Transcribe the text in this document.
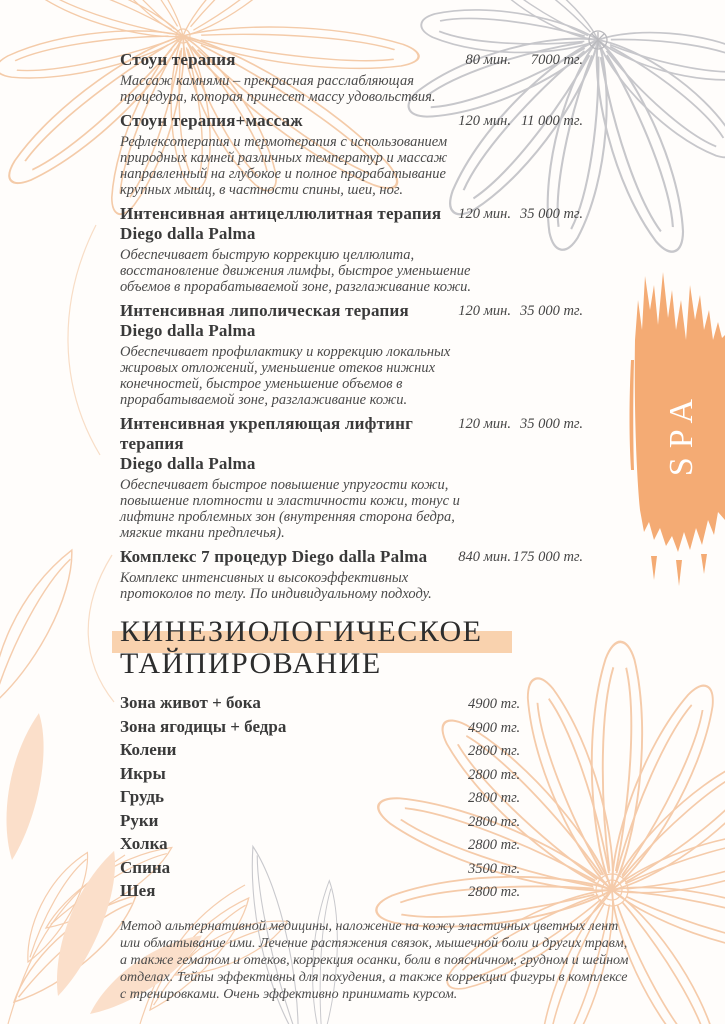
SPA
Стоун терапия	80 мин.	7000 тг.

Массаж камнями – прекрасная расслабляющая процедура, которая принесет массу удовольствия.

Стоун терапия+массаж	120 мин. 11 000 тг.

Рефлексотерапия и термотерапия с использованием природных камней различных температур и массаж направленный на глубокое и полное прорабатывание крупных мышц, в частности спины, шеи, ног.

Интенсивная антицеллюлитная терапия
Diego dalla Palma
120 мин. 35 000 тг.

Обеспечивает быструю коррекцию целлюлита, восстановление движения лимфы, быстрое уменьшение объемов в прорабатываемой зоне, разглаживание кожи.

Интенсивная липолическая терапия
Diego dalla Palma
120 мин. 35 000 тг.

Обеспечивает профилактику и коррекцию локальных жировых отложений, уменьшение отеков нижних конечностей, быстрое уменьшение объемов в прорабатываемой зоне, разглаживание кожи.

Интенсивная укрепляющая лифтинг терапия
Diego dalla Palma
120 мин. 35 000 тг.

Обеспечивает быстрое повышение упругости кожи, повышение плотности и эластичности кожи, тонус и лифтинг проблемных зон (внутренняя сторона бедра, мягкие ткани предплечья).

Комплекс 7 процедур Diego dalla Palma	840 мин. 175 000 тг.

Комплекс интенсивных и высокоэффективных протоколов по телу. По индивидуальному подходу.

КИНЕЗИОЛОГИЧЕСКОЕ
ТАЙПИРОВАНИЕ
Зона живот + бока	4900 тг.
Зона ягодицы + бедра	4900 тг.
Колени	2800 тг.
Икры	2800 тг.
Грудь	2800 тг.
Руки	2800 тг.
Холка	2800 тг.
Спина	3500 тг.
Шея	2800 тг.

Метод альтернативной медицины, наложение на кожу эластичных цветных лент или обматывание ими. Лечение растяжения связок, мышечной боли и других травм, а также гематом и отеков, коррекция осанки, боли в поясничном, грудном и шейном отделах. Тейпы эффективны для похудения, а также коррекции фигуры в комплексе с тренировками. Очень эффективно принимать курсом.
